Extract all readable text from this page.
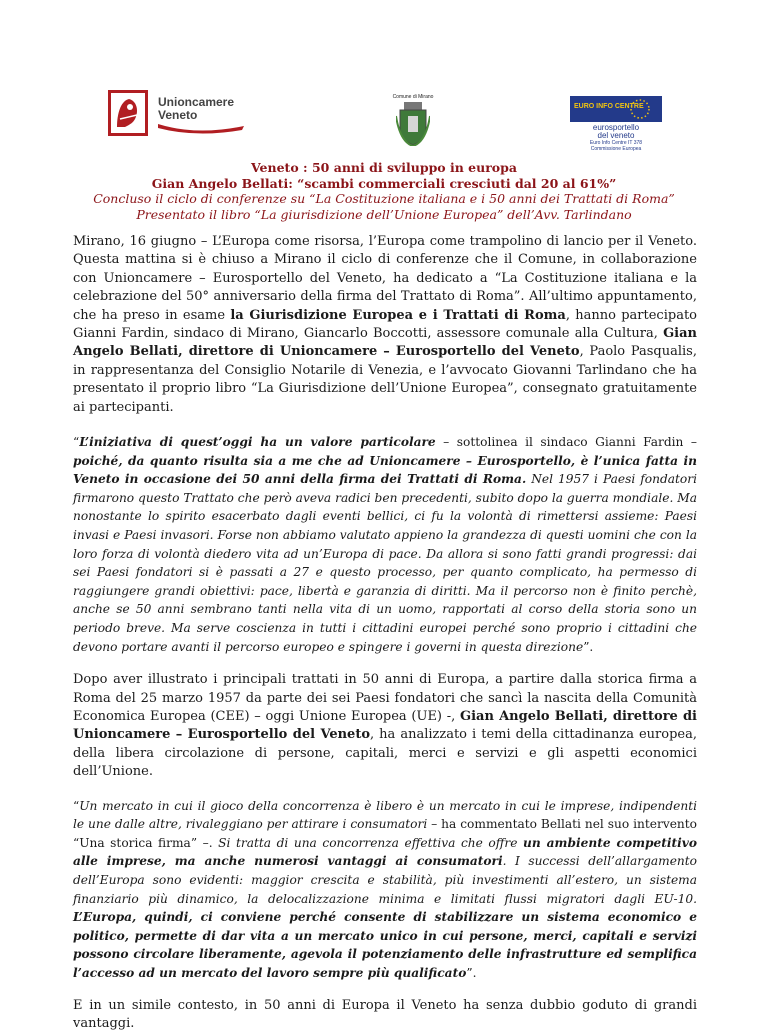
Unioncamere
Veneto
Comune di Mirano
EURO INFO CENTRE
eurosportello
del veneto
Euro Info Centre IT 378
Commissione Europea
Veneto : 50 anni di sviluppo in europa
Gian Angelo Bellati: “scambi commerciali cresciuti dal 20 al 61%”
Concluso il ciclo di conferenze su “La Costituzione italiana e i 50 anni dei Trattati di Roma”
Presentato il libro “La giurisdizione dell’Unione Europea” dell’Avv. Tarlindano

Mirano, 16 giugno – L’Europa come risorsa, l’Europa come trampolino di lancio per il Veneto. Questa mattina si è chiuso a Mirano il ciclo di conferenze che il Comune, in collaborazione con Unioncamere – Eurosportello del Veneto, ha dedicato a “La Costituzione italiana e la celebrazione del 50° anniversario della firma del Trattato di Roma”. All’ultimo appuntamento, che ha preso in esame la Giurisdizione Europea e i Trattati di Roma, hanno partecipato Gianni Fardin, sindaco di Mirano, Giancarlo Boccotti, assessore comunale alla Cultura, Gian Angelo Bellati, direttore di Unioncamere – Eurosportello del Veneto, Paolo Pasqualis, in rappresentanza del Consiglio Notarile di Venezia, e l’avvocato Giovanni Tarlindano che ha presentato il proprio libro “La Giurisdizione dell’Unione Europea”, consegnato gratuitamente ai partecipanti.

“L’iniziativa di quest’oggi ha un valore particolare – sottolinea il sindaco Gianni Fardin – poiché, da quanto risulta sia a me che ad Unioncamere – Eurosportello, è l’unica fatta in Veneto in occasione dei 50 anni della firma dei Trattati di Roma. Nel 1957 i Paesi fondatori firmarono questo Trattato che però aveva radici ben precedenti, subito dopo la guerra mondiale. Ma nonostante lo spirito esacerbato dagli eventi bellici, ci fu la volontà di rimettersi assieme: Paesi invasi e Paesi invasori. Forse non abbiamo valutato appieno la grandezza di questi uomini che con la loro forza di volontà diedero vita ad un’Europa di pace. Da allora si sono fatti grandi progressi: dai sei Paesi fondatori si è passati a 27 e questo processo, per quanto complicato, ha permesso di raggiungere grandi obiettivi: pace, libertà e garanzia di diritti. Ma il percorso non è finito perchè, anche se 50 anni sembrano tanti nella vita di un uomo, rapportati al corso della storia sono un periodo breve. Ma serve coscienza in tutti i cittadini europei perché sono proprio i cittadini che devono portare avanti il percorso europeo e spingere i governi in questa direzione”.

Dopo aver illustrato i principali trattati in 50 anni di Europa, a partire dalla storica firma a Roma del 25 marzo 1957 da parte dei sei Paesi fondatori che sancì la nascita della Comunità Economica Europea (CEE) – oggi Unione Europea (UE) -, Gian Angelo Bellati, direttore di Unioncamere – Eurosportello del Veneto, ha analizzato i temi della cittadinanza europea, della libera circolazione di persone, capitali, merci e servizi e gli aspetti economici dell’Unione.

“Un mercato in cui il gioco della concorrenza è libero è un mercato in cui le imprese, indipendenti le une dalle altre, rivaleggiano per attirare i consumatori – ha commentato Bellati nel suo intervento “Una storica firma” –. Si tratta di una concorrenza effettiva che offre un ambiente competitivo alle imprese, ma anche numerosi vantaggi ai consumatori. I successi dell’allargamento dell’Europa sono evidenti: maggior crescita e stabilità, più investimenti all’estero, un sistema finanziario più dinamico, la delocalizzazione minima e limitati flussi migratori dagli EU-10. L’Europa, quindi, ci conviene perché consente di stabilizzare un sistema economico e politico, permette di dar vita a un mercato unico in cui persone, merci, capitali e servizi possono circolare liberamente, agevola il potenziamento delle infrastrutture ed semplifica l’accesso ad un mercato del lavoro sempre più qualificato”.

E in un simile contesto, in 50 anni di Europa il Veneto ha senza dubbio goduto di grandi vantaggi.
